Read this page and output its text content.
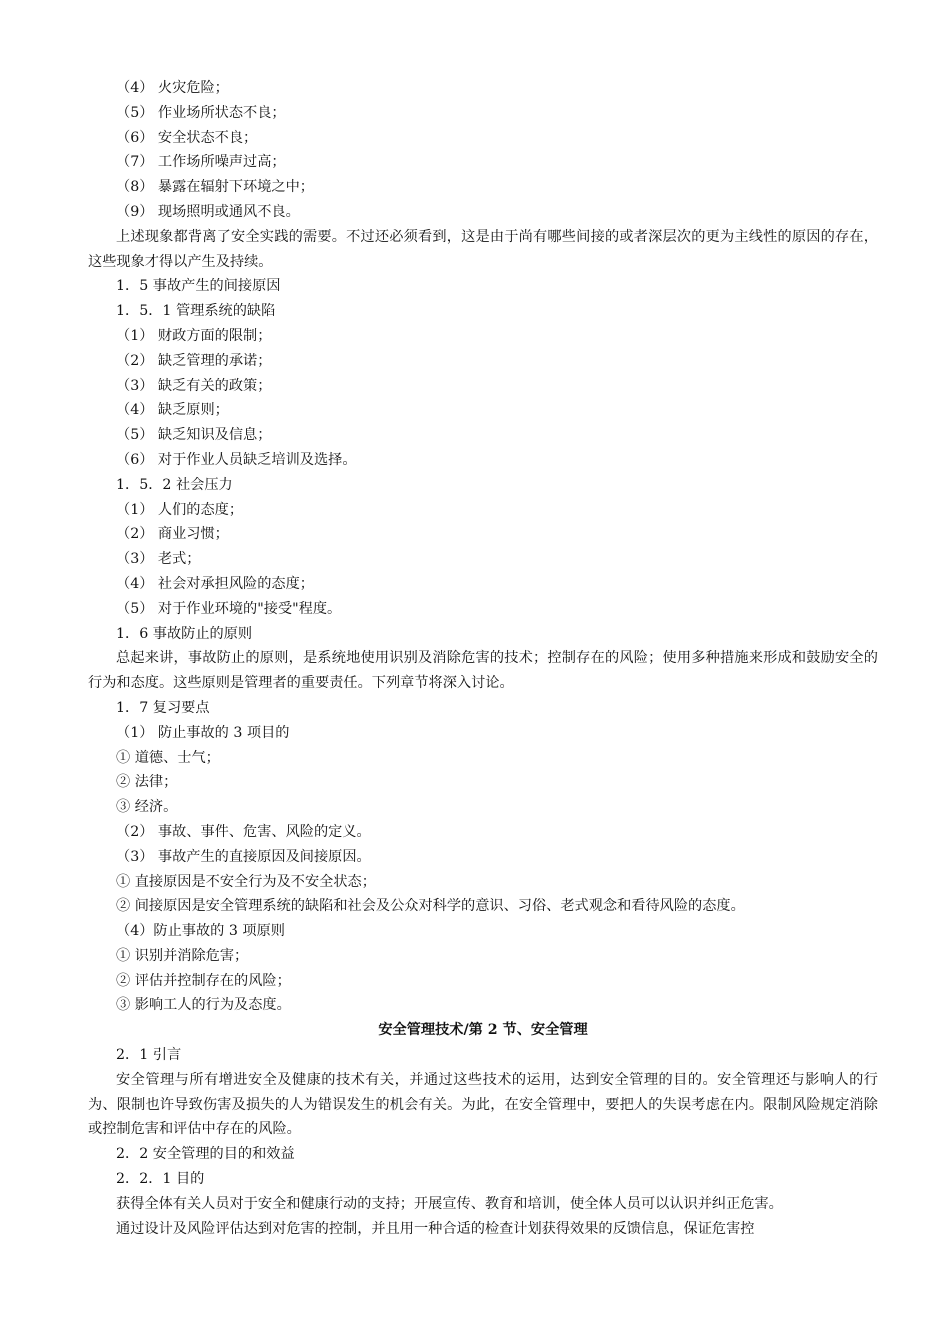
（4） 火灾危险；
（5） 作业场所状态不良；
（6） 安全状态不良；
（7） 工作场所噪声过高；
（8） 暴露在辐射下环境之中；
（9） 现场照明或通风不良。
上述现象都背离了安全实践的需要。不过还必须看到，这是由于尚有哪些间接的或者深层次的更为主线性的原因的存在，这些现象才得以产生及持续。
1．5 事故产生的间接原因
1．5．1 管理系统的缺陷
（1） 财政方面的限制；
（2） 缺乏管理的承诺；
（3） 缺乏有关的政策；
（4） 缺乏原则；
（5） 缺乏知识及信息；
（6） 对于作业人员缺乏培训及选择。
1．5．2 社会压力
（1） 人们的态度；
（2） 商业习惯；
（3） 老式；
（4） 社会对承担风险的态度；
（5） 对于作业环境的"接受"程度。
1．6 事故防止的原则
总起来讲，事故防止的原则，是系统地使用识别及消除危害的技术；控制存在的风险；使用多种措施来形成和鼓励安全的行为和态度。这些原则是管理者的重要责任。下列章节将深入讨论。
1．7 复习要点
（1） 防止事故的 3 项目的
① 道德、士气；
② 法律；
③ 经济。
（2） 事故、事件、危害、风险的定义。
（3） 事故产生的直接原因及间接原因。
① 直接原因是不安全行为及不安全状态；
② 间接原因是安全管理系统的缺陷和社会及公众对科学的意识、习俗、老式观念和看待风险的态度。
（4）防止事故的 3 项原则
① 识别并消除危害；
② 评估并控制存在的风险；
③ 影响工人的行为及态度。
安全管理技术/第 2 节、安全管理
2．1 引言
安全管理与所有增进安全及健康的技术有关，并通过这些技术的运用，达到安全管理的目的。安全管理还与影响人的行为、限制也许导致伤害及损失的人为错误发生的机会有关。为此，在安全管理中，要把人的失误考虑在内。限制风险规定消除或控制危害和评估中存在的风险。
2．2 安全管理的目的和效益
2．2．1 目的
获得全体有关人员对于安全和健康行动的支持；开展宣传、教育和培训，使全体人员可以认识并纠正危害。
通过设计及风险评估达到对危害的控制，并且用一种合适的检查计划获得效果的反馈信息，保证危害控
